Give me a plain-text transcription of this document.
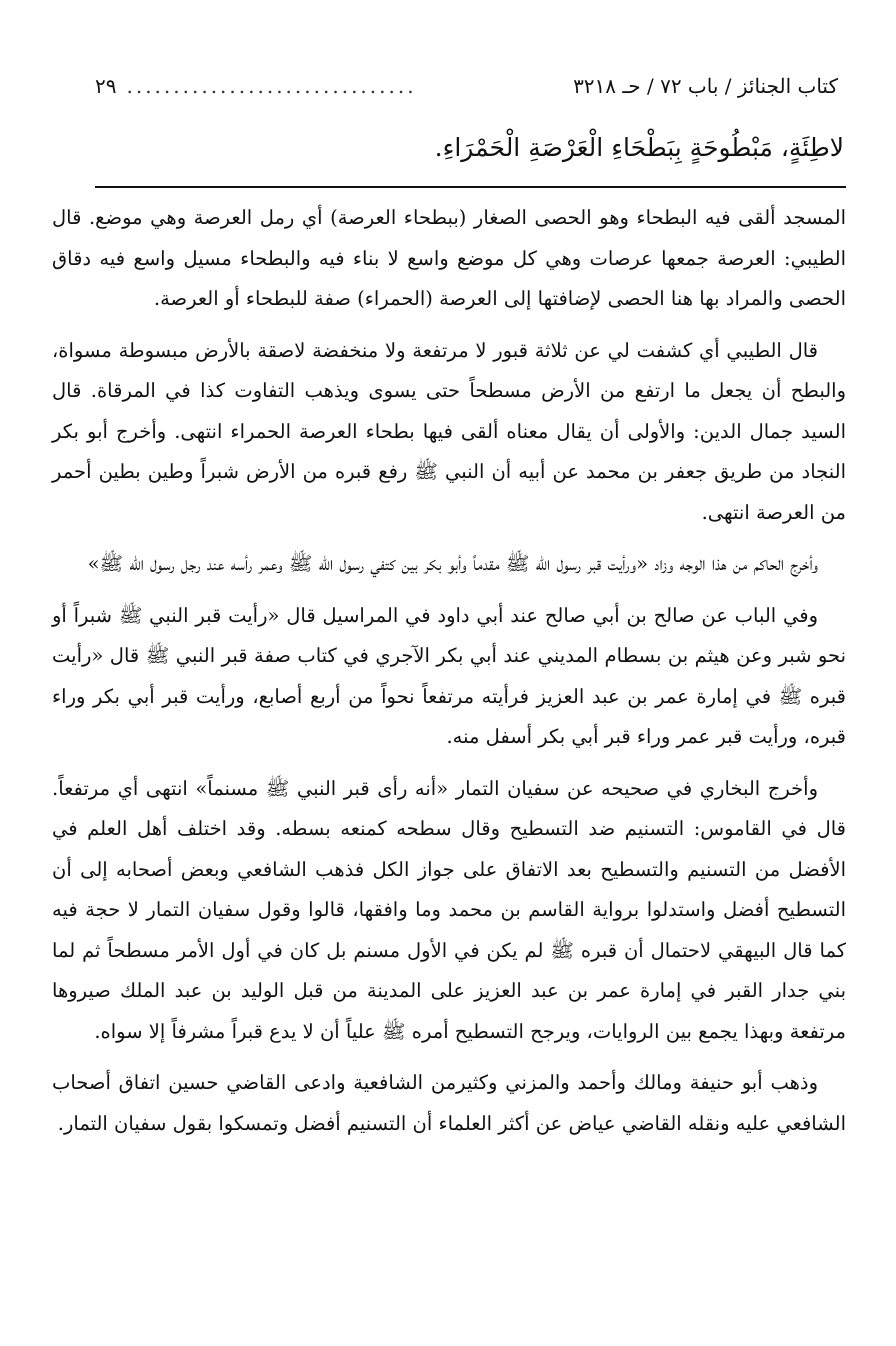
كتاب الجنائز / باب ٧٢ / حـ ٣٢١٨
...............................
٢٩
لاطِئَةٍ، مَبْطُوحَةٍ بِبَطْحَاءِ الْعَرْصَةِ الْحَمْرَاءِ.

المسجد ألقى فيه البطحاء وهو الحصى الصغار (ببطحاء العرصة) أي رمل العرصة وهي موضع. قال الطيبي: العرصة جمعها عرصات وهي كل موضع واسع لا بناء فيه والبطحاء مسيل واسع فيه دقاق الحصى والمراد بها هنا الحصى لإضافتها إلى العرصة (الحمراء) صفة للبطحاء أو العرصة.

قال الطيبي أي كشفت لي عن ثلاثة قبور لا مرتفعة ولا منخفضة لاصقة بالأرض مبسوطة مسواة، والبطح أن يجعل ما ارتفع من الأرض مسطحاً حتى يسوى ويذهب التفاوت كذا في المرقاة. قال السيد جمال الدين: والأولى أن يقال معناه ألقى فيها بطحاء العرصة الحمراء انتهى. وأخرج أبو بكر النجاد من طريق جعفر بن محمد عن أبيه أن النبي ﷺ رفع قبره من الأرض شبراً وطين بطين أحمر من العرصة انتهى.

وأخرج الحاكم من هذا الوجه وزاد «ورأيت قبر رسول الله ﷺ مقدماً وأبو بكر بين كتفي رسول الله ﷺ وعمر رأسه عند رجل رسول الله ﷺ»

وفي الباب عن صالح بن أبي صالح عند أبي داود في المراسيل قال «رأيت قبر النبي ﷺ شبراً أو نحو شبر وعن هيثم بن بسطام المديني عند أبي بكر الآجري في كتاب صفة قبر النبي ﷺ قال «رأيت قبره ﷺ في إمارة عمر بن عبد العزيز فرأيته مرتفعاً نحواً من أربع أصابع، ورأيت قبر أبي بكر وراء قبره، ورأيت قبر عمر وراء قبر أبي بكر أسفل منه.

وأخرج البخاري في صحيحه عن سفيان التمار «أنه رأى قبر النبي ﷺ مسنماً» انتهى أي مرتفعاً. قال في القاموس: التسنيم ضد التسطيح وقال سطحه كمنعه بسطه. وقد اختلف أهل العلم في الأفضل من التسنيم والتسطيح بعد الاتفاق على جواز الكل فذهب الشافعي وبعض أصحابه إلى أن التسطيح أفضل واستدلوا برواية القاسم بن محمد وما وافقها، قالوا وقول سفيان التمار لا حجة فيه كما قال البيهقي لاحتمال أن قبره ﷺ لم يكن في الأول مسنم بل كان في أول الأمر مسطحاً ثم لما بني جدار القبر في إمارة عمر بن عبد العزيز على المدينة من قبل الوليد بن عبد الملك صيروها مرتفعة وبهذا يجمع بين الروايات، ويرجح التسطيح أمره ﷺ علياً أن لا يدع قبراً مشرفاً إلا سواه.

وذهب أبو حنيفة ومالك وأحمد والمزني وكثيرمن الشافعية وادعى القاضي حسين اتفاق أصحاب الشافعي عليه ونقله القاضي عياض عن أكثر العلماء أن التسنيم أفضل وتمسكوا بقول سفيان التمار.
